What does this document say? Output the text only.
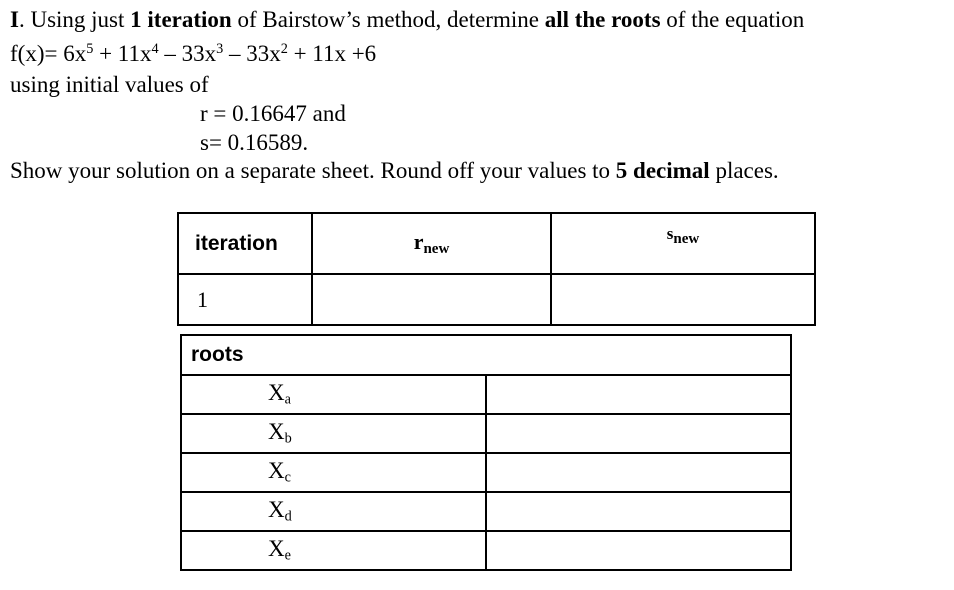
I. Using just 1 iteration of Bairstow’s method, determine all the roots of the equation
$f(x)= 6x^5 + 11x^4 - 33x^3 - 33x^2 + 11x +6$
using initial values of
r = 0.16647 and
s= 0.16589.
Show your solution on a separate sheet. Round off your values to 5 decimal places.
iteration	rnew	snew
1		
roots	
$X_a$	
$X_b$	
$X_c$	
$X_d$	
$X_e$	
